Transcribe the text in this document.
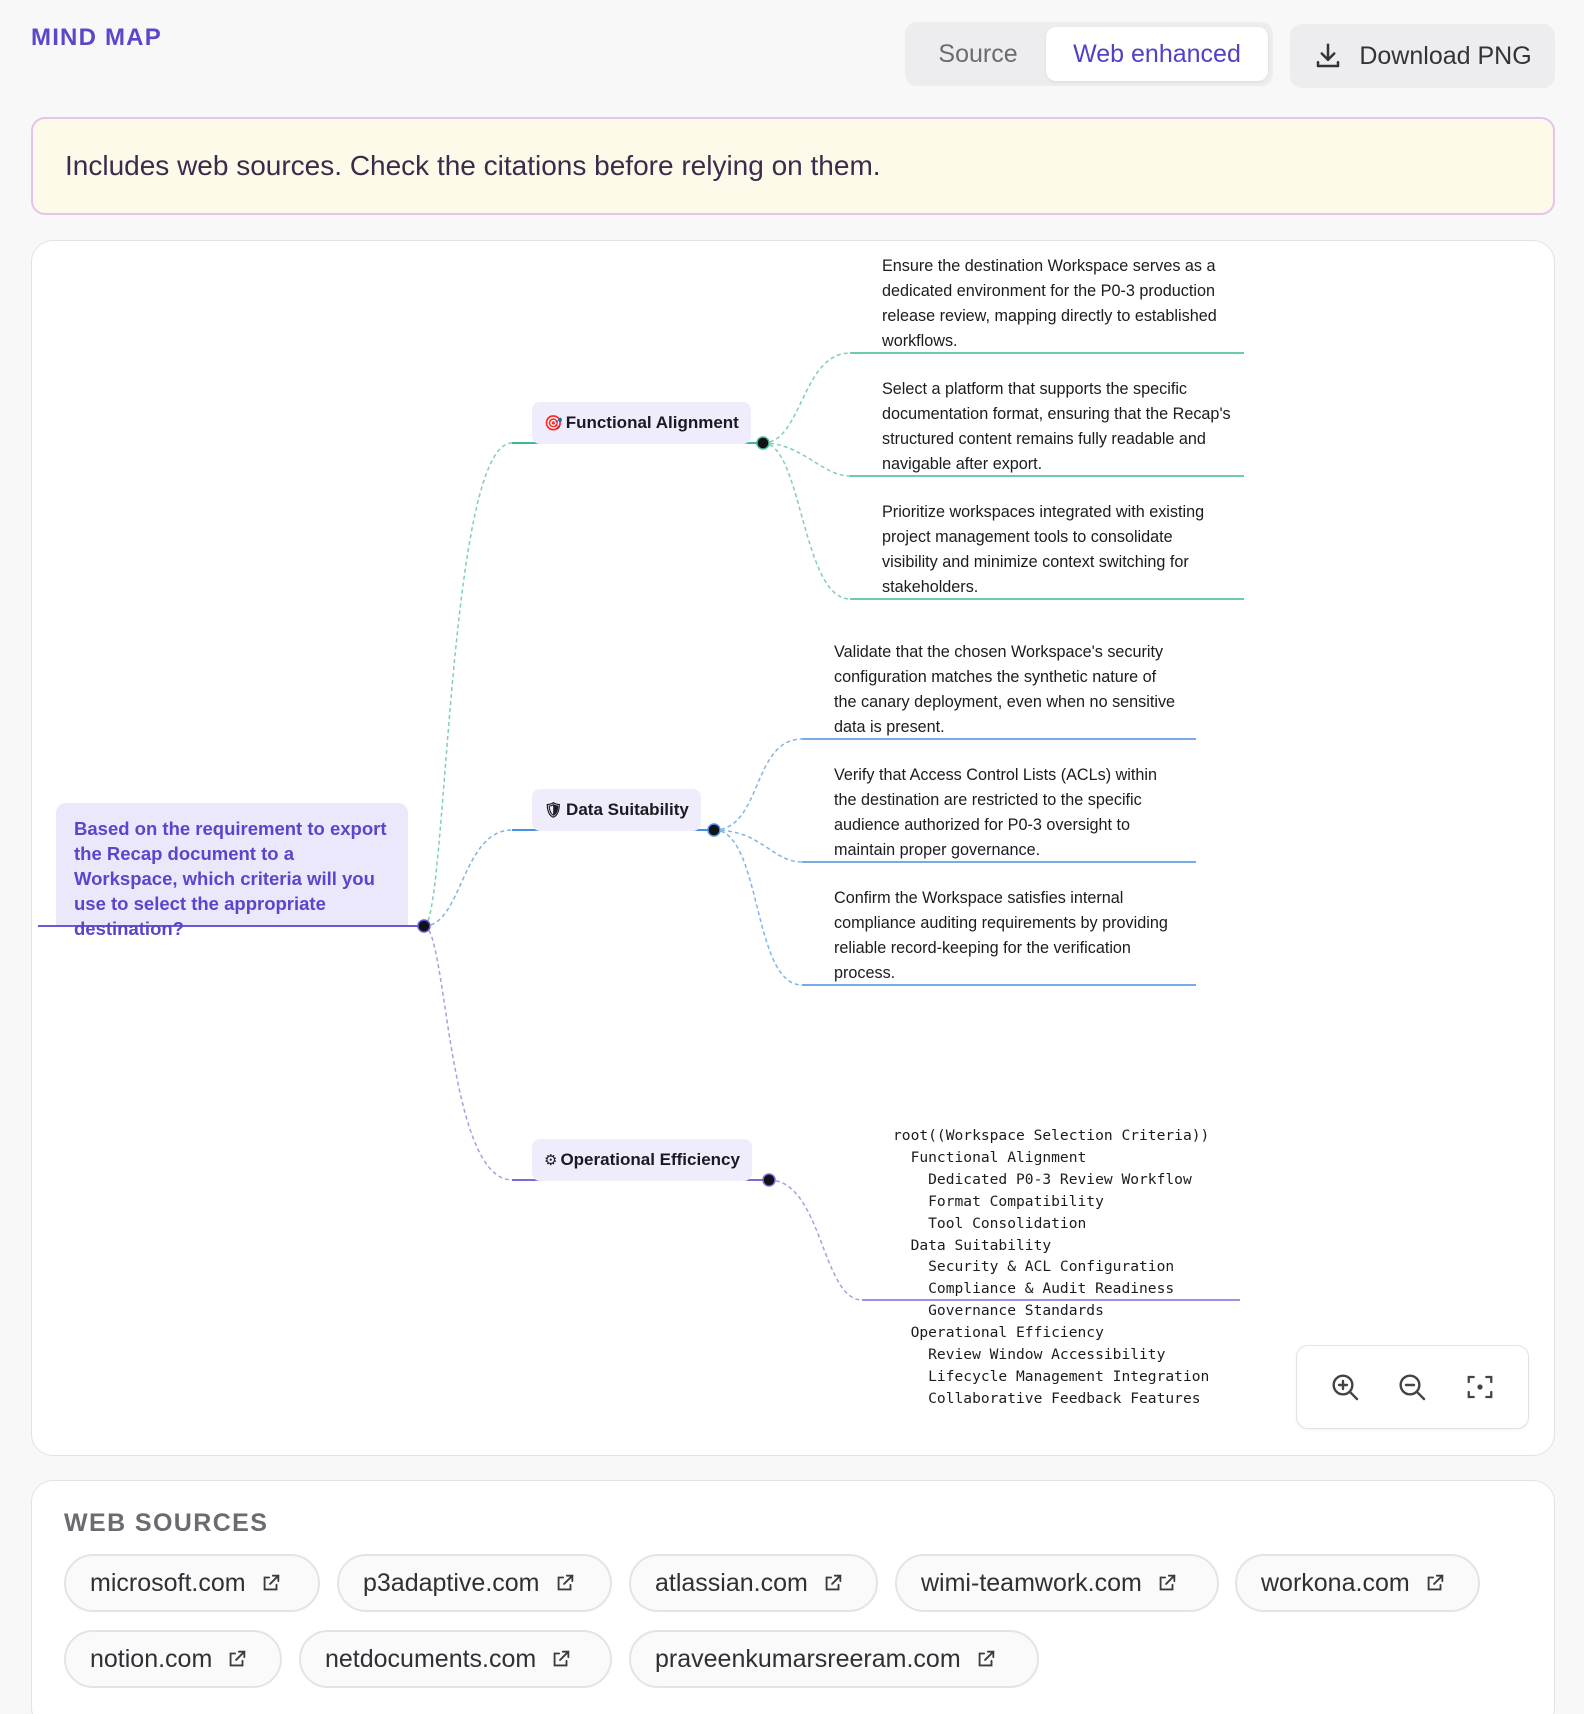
MIND MAP
Source	Web enhanced	Download PNG
Includes web sources. Check the citations before relying on them.
Based on the requirement to export the Recap document to a Workspace, which criteria will you use to select the appropriate destination?
🎯 Functional Alignment
🛡 Data Suitability
⚙ Operational Efficiency
Ensure the destination Workspace serves as a dedicated environment for the P0-3 production release review, mapping directly to established workflows.
Select a platform that supports the specific documentation format, ensuring that the Recap's structured content remains fully readable and navigable after export.
Prioritize workspaces integrated with existing project management tools to consolidate visibility and minimize context switching for stakeholders.
Validate that the chosen Workspace's security configuration matches the synthetic nature of the canary deployment, even when no sensitive data is present.
Verify that Access Control Lists (ACLs) within the destination are restricted to the specific audience authorized for P0-3 oversight to maintain proper governance.
Confirm the Workspace satisfies internal compliance auditing requirements by providing reliable record-keeping for the verification process.
root((Workspace Selection Criteria))
Functional Alignment
Dedicated P0-3 Review Workflow
Format Compatibility
Tool Consolidation
Data Suitability
Security & ACL Configuration
Compliance & Audit Readiness
Governance Standards
Operational Efficiency
Review Window Accessibility
Lifecycle Management Integration
Collaborative Feedback Features
WEB SOURCES
microsoft.com	p3adaptive.com	atlassian.com	wimi-teamwork.com	workona.com
notion.com	netdocuments.com	praveenkumarsreeram.com
